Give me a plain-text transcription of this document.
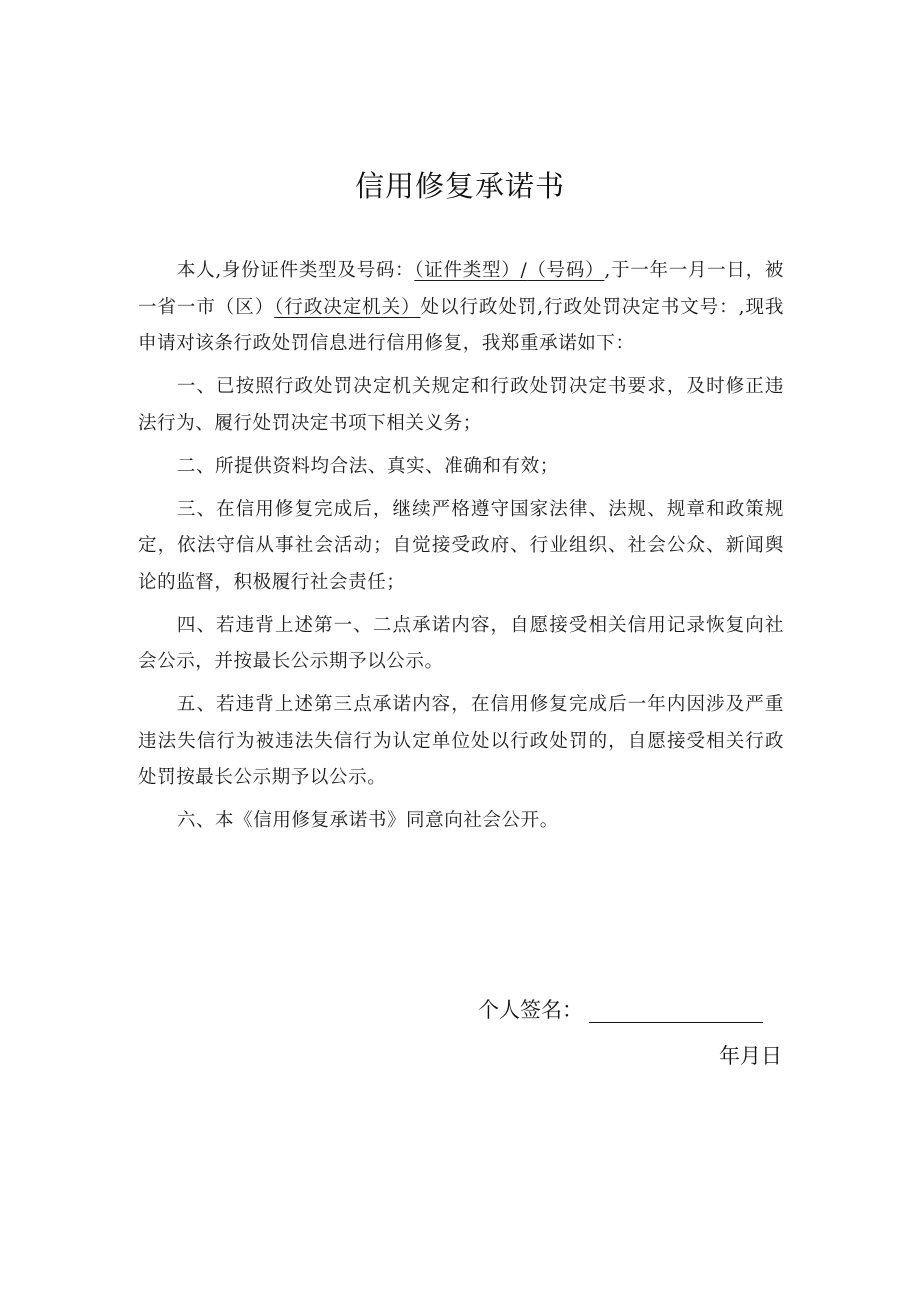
信用修复承诺书

本人,身份证件类型及号码：（证件类型）/（号码）,于一年一月一日，被一省一市（区）（行政决定机关）处以行政处罚,行政处罚决定书文号：,现我申请对该条行政处罚信息进行信用修复，我郑重承诺如下：

一、已按照行政处罚决定机关规定和行政处罚决定书要求，及时修正违法行为、履行处罚决定书项下相关义务；

二、所提供资料均合法、真实、准确和有效；

三、在信用修复完成后，继续严格遵守国家法律、法规、规章和政策规定，依法守信从事社会活动；自觉接受政府、行业组织、社会公众、新闻舆论的监督，积极履行社会责任；

四、若违背上述第一、二点承诺内容，自愿接受相关信用记录恢复向社会公示，并按最长公示期予以公示。

五、若违背上述第三点承诺内容，在信用修复完成后一年内因涉及严重违法失信行为被违法失信行为认定单位处以行政处罚的，自愿接受相关行政处罚按最长公示期予以公示。

六、本《信用修复承诺书》同意向社会公开。

个人签名：
年月日
